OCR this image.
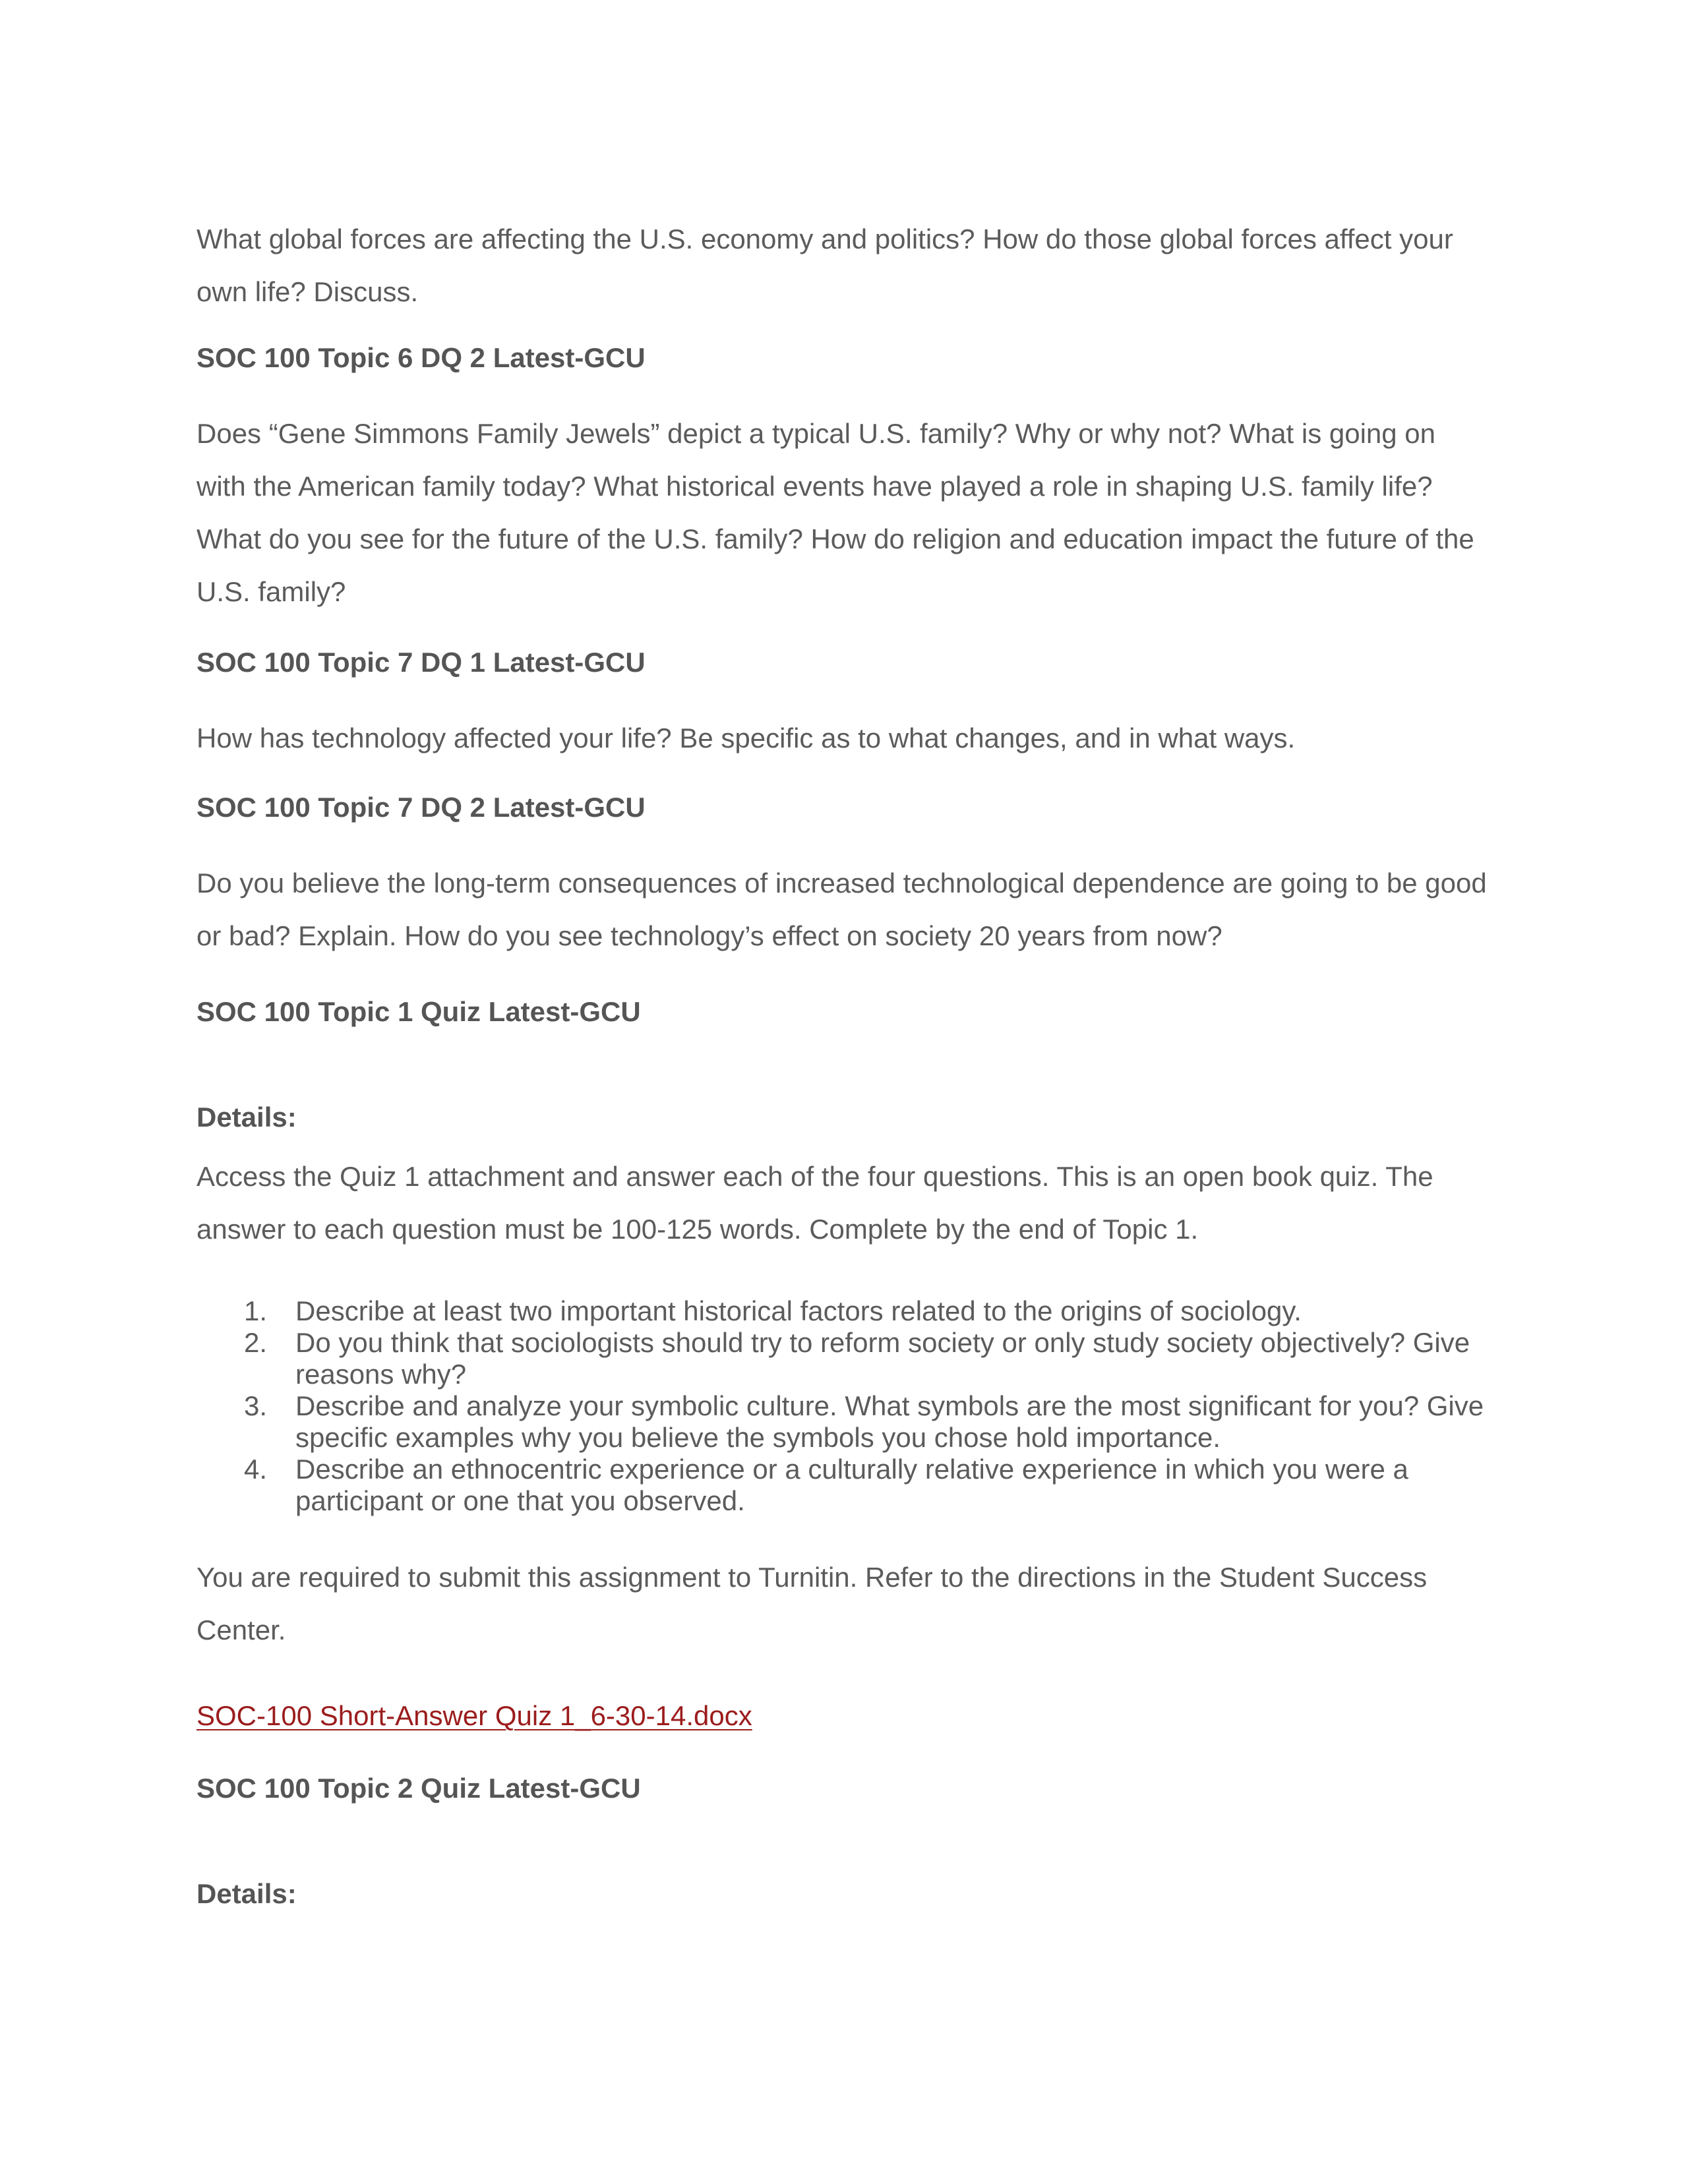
What global forces are affecting the U.S. economy and politics? How do those global forces affect your own life? Discuss.

SOC 100 Topic 6 DQ 2 Latest-GCU

Does “Gene Simmons Family Jewels” depict a typical U.S. family? Why or why not? What is going on with the American family today? What historical events have played a role in shaping U.S. family life? What do you see for the future of the U.S. family? How do religion and education impact the future of the U.S. family?

SOC 100 Topic 7 DQ 1 Latest-GCU

How has technology affected your life? Be specific as to what changes, and in what ways.

SOC 100 Topic 7 DQ 2 Latest-GCU

Do you believe the long-term consequences of increased technological dependence are going to be good or bad? Explain. How do you see technology’s effect on society 20 years from now?

SOC 100 Topic 1 Quiz Latest-GCU

Details:

Access the Quiz 1 attachment and answer each of the four questions. This is an open book quiz. The answer to each question must be 100-125 words. Complete by the end of Topic 1.

1.	Describe at least two important historical factors related to the origins of sociology.
2.	Do you think that sociologists should try to reform society or only study society objectively? Give reasons why?
3.	Describe and analyze your symbolic culture. What symbols are the most significant for you? Give specific examples why you believe the symbols you chose hold importance.
4.	Describe an ethnocentric experience or a culturally relative experience in which you were a participant or one that you observed.

You are required to submit this assignment to Turnitin. Refer to the directions in the Student Success Center.

SOC-100 Short-Answer Quiz 1_6-30-14.docx

SOC 100 Topic 2 Quiz Latest-GCU

Details:
